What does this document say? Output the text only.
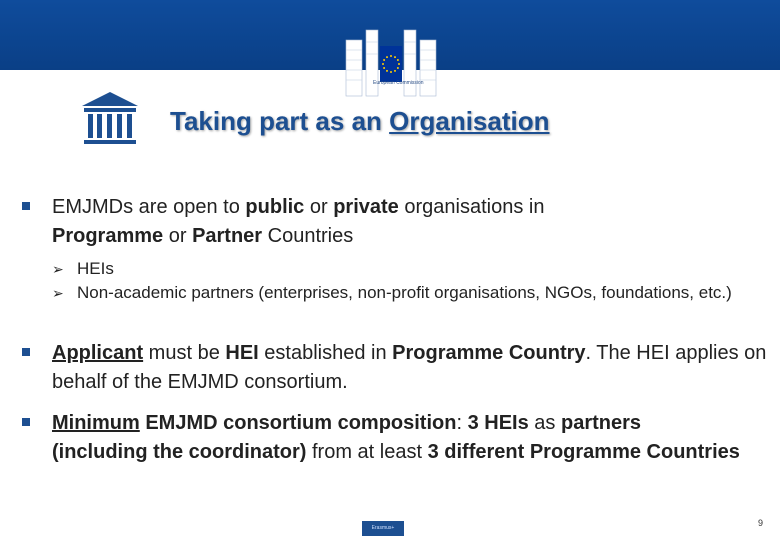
European Commission
Taking part as an Organisation
EMJMDs are open to public or private organisations in
Programme or Partner Countries
➢ HEIs
➢ Non-academic partners (enterprises, non-profit organisations, NGOs, foundations, etc.)
Applicant must be HEI established in Programme Country. The HEI applies on behalf of the EMJMD consortium.
Minimum EMJMD consortium composition: 3 HEIs as partners
(including the coordinator) from at least 3 different Programme Countries
Erasmus+	9
